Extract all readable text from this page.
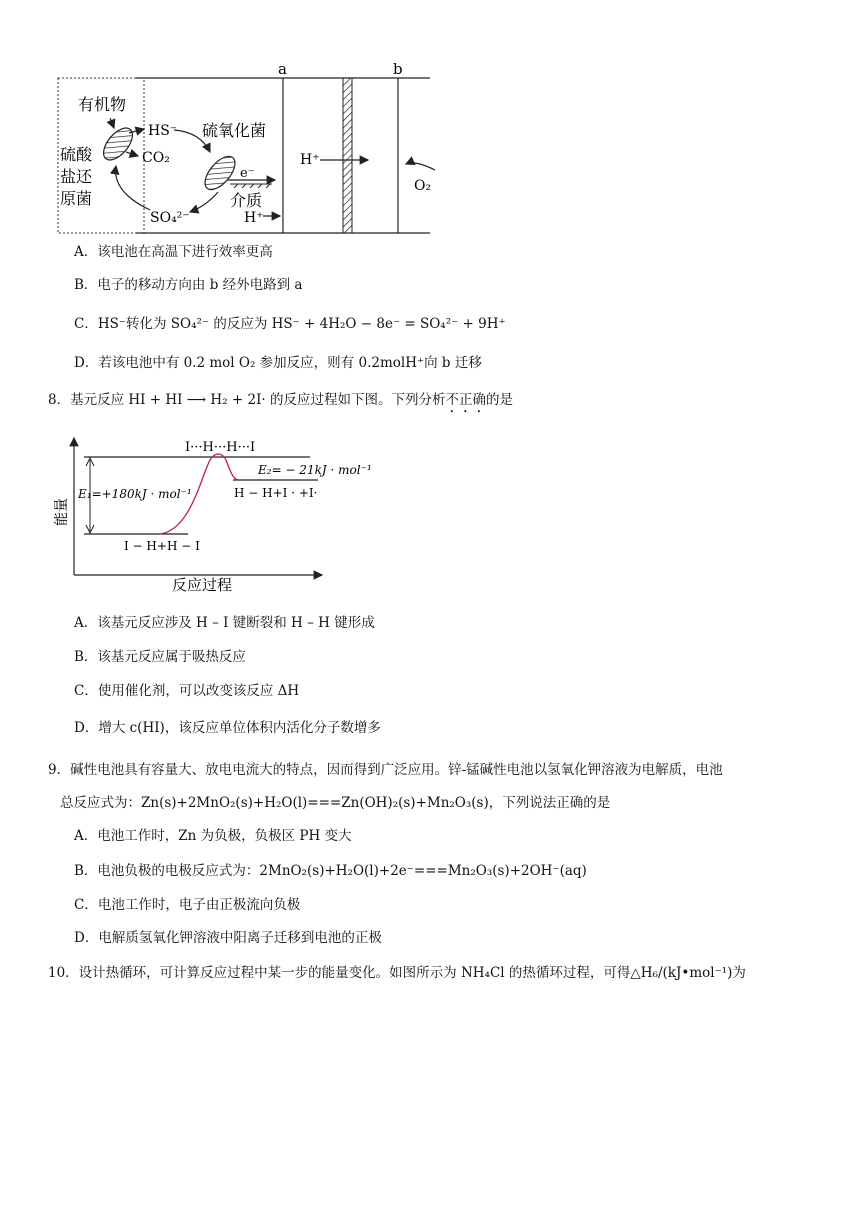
a	b
有机物
HS⁻
CO₂
硫氧化菌
硫酸
盐还
原菌
e⁻
介质
SO₄²⁻	H⁺
H⁺
O₂
A．该电池在高温下进行效率更高
B．电子的移动方向由 b 经外电路到 a
C．HS⁻转化为 SO₄²⁻ 的反应为 HS⁻ + 4H₂O − 8e⁻ = SO₄²⁻ + 9H⁺
D．若该电池中有 0.2 mol O₂ 参加反应，则有 0.2molH⁺向 b 迁移
8．基元反应 HI + HI ⟶ H₂ + 2I· 的反应过程如下图。下列分析不正确的是
I···H···H···I
E₂= − 21kJ · mol⁻¹
E₁=+180kJ · mol⁻¹	H − H+I · +I·
I − H+H − I
能量
反应过程
A．该基元反应涉及 H – I 键断裂和 H – H 键形成
B．该基元反应属于吸热反应
C．使用催化剂，可以改变该反应 ΔH
D．增大 c(HI)，该反应单位体积内活化分子数增多
9．碱性电池具有容量大、放电电流大的特点，因而得到广泛应用。锌-锰碱性电池以氢氧化钾溶液为电解质，电池
总反应式为：Zn(s)+2MnO₂(s)+H₂O(l)===Zn(OH)₂(s)+Mn₂O₃(s)，下列说法正确的是
A．电池工作时，Zn 为负极，负极区 PH 变大
B．电池负极的电极反应式为：2MnO₂(s)+H₂O(l)+2e⁻===Mn₂O₃(s)+2OH⁻(aq)
C．电池工作时，电子由正极流向负极
D．电解质氢氧化钾溶液中阳离子迁移到电池的正极
10．设计热循环，可计算反应过程中某一步的能量变化。如图所示为 NH₄Cl 的热循环过程，可得△H₆/(kJ•mol⁻¹)为
